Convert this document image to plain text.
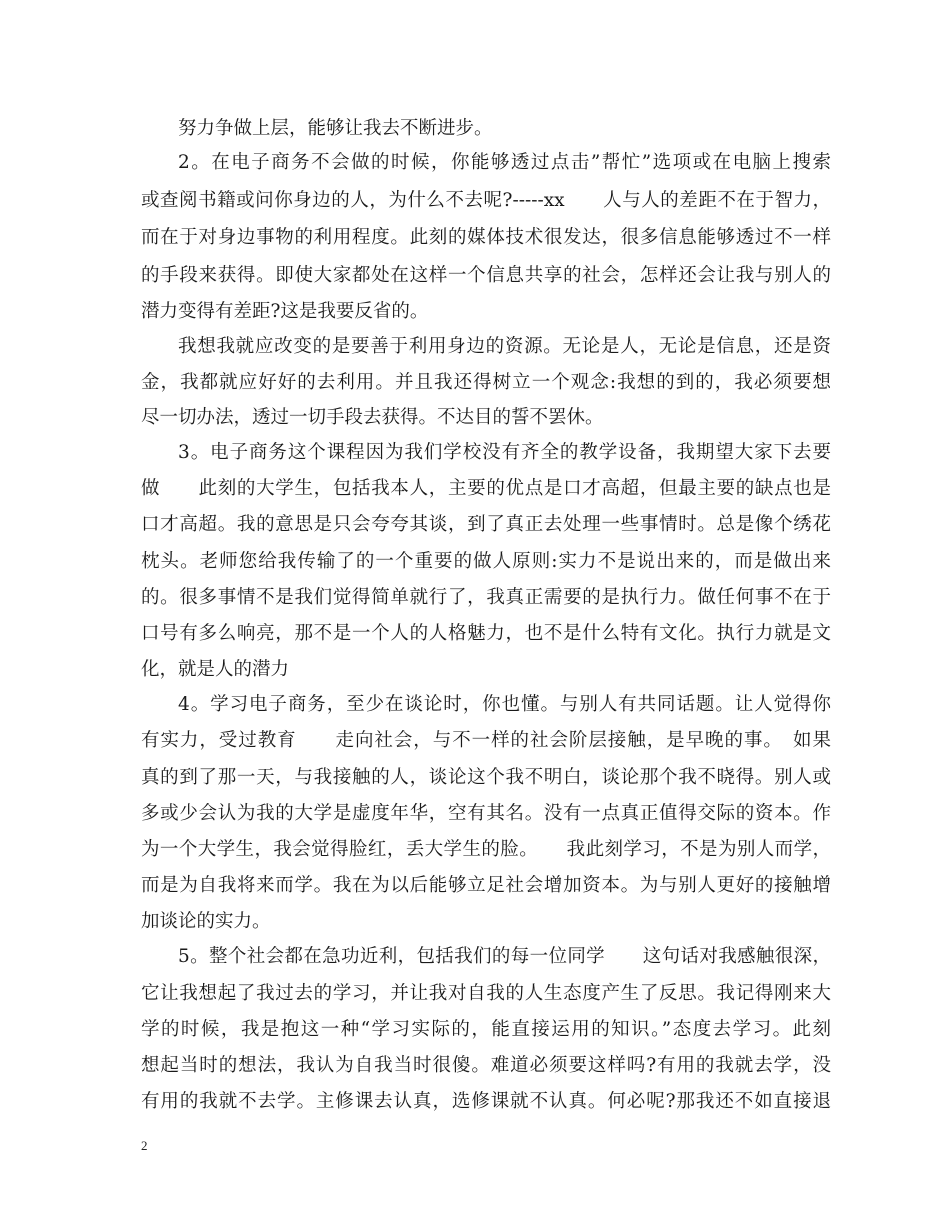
努力争做上层，能够让我去不断进步。
2。在电子商务不会做的时候，你能够透过点击”帮忙”选项或在电脑上搜索
或查阅书籍或问你身边的人，为什么不去呢?-----xx　　人与人的差距不在于智力，
而在于对身边事物的利用程度。此刻的媒体技术很发达，很多信息能够透过不一样
的手段来获得。即使大家都处在这样一个信息共享的社会，怎样还会让我与别人的
潜力变得有差距?这是我要反省的。
我想我就应改变的是要善于利用身边的资源。无论是人，无论是信息，还是资
金，我都就应好好的去利用。并且我还得树立一个观念:我想的到的，我必须要想
尽一切办法，透过一切手段去获得。不达目的誓不罢休。
3。电子商务这个课程因为我们学校没有齐全的教学设备，我期望大家下去要
做　　此刻的大学生，包括我本人，主要的优点是口才高超，但最主要的缺点也是
口才高超。我的意思是只会夸夸其谈，到了真正去处理一些事情时。总是像个绣花
枕头。老师您给我传输了的一个重要的做人原则:实力不是说出来的，而是做出来
的。很多事情不是我们觉得简单就行了，我真正需要的是执行力。做任何事不在于
口号有多么响亮，那不是一个人的人格魅力，也不是什么特有文化。执行力就是文
化，就是人的潜力
4。学习电子商务，至少在谈论时，你也懂。与别人有共同话题。让人觉得你
有实力，受过教育　　走向社会，与不一样的社会阶层接触，是早晚的事。　如果
真的到了那一天，与我接触的人，谈论这个我不明白，谈论那个我不晓得。别人或
多或少会认为我的大学是虚度年华，空有其名。没有一点真正值得交际的资本。作
为一个大学生，我会觉得脸红，丢大学生的脸。　　我此刻学习，不是为别人而学，
而是为自我将来而学。我在为以后能够立足社会增加资本。为与别人更好的接触增
加谈论的实力。
5。整个社会都在急功近利，包括我们的每一位同学　　这句话对我感触很深，
它让我想起了我过去的学习，并让我对自我的人生态度产生了反思。我记得刚来大
学的时候，我是抱这一种“学习实际的，能直接运用的知识。”态度去学习。此刻
想起当时的想法，我认为自我当时很傻。难道必须要这样吗?有用的我就去学，没
有用的我就不去学。主修课去认真，选修课就不认真。何必呢?那我还不如直接退
2
